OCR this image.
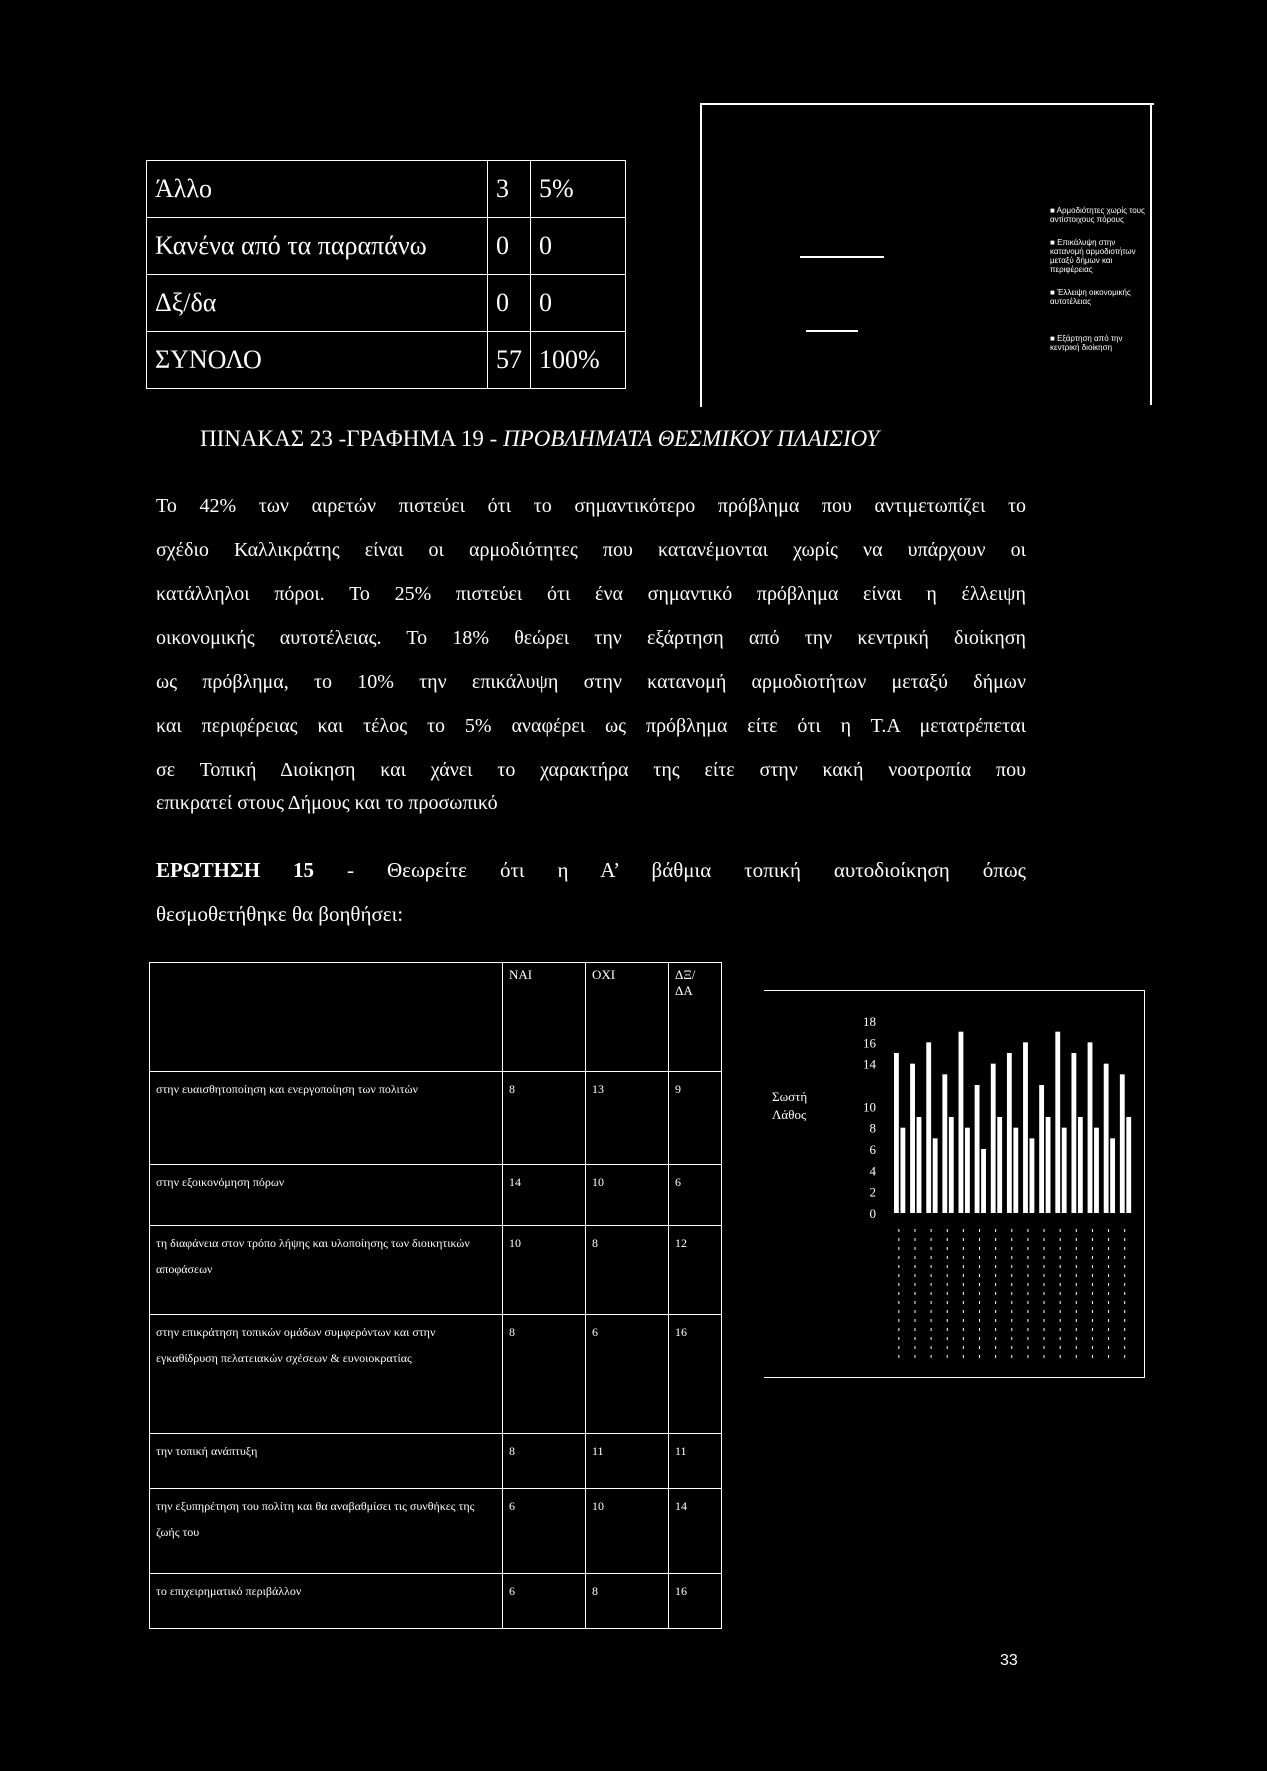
Άλλο	3	5%
Κανένα από τα παραπάνω	0	0
Δξ/δα	0	0
ΣΥΝΟΛΟ	57	100%
■ Αρμοδιότητες χωρίς τους αντίστοιχους πόρους
■ Επικάλυψη στην κατανομή αρμοδιοτήτων μεταξύ δήμων και περιφέρειας
■ Έλλειψη οικονομικής αυτοτέλειας
■ Εξάρτηση από την κεντρική διοίκηση
ΠΙΝΑΚΑΣ 23 -ΓΡΑΦΗΜΑ 19 - ΠΡΟΒΛΗΜΑΤΑ ΘΕΣΜΙΚΟΥ ΠΛΑΙΣΙΟΥ
Το 42% των αιρετών πιστεύει ότι το σημαντικότερο πρόβλημα που αντιμετωπίζει το
σχέδιο Καλλικράτης είναι οι αρμοδιότητες που κατανέμονται χωρίς να υπάρχουν οι
κατάλληλοι πόροι. Το 25% πιστεύει ότι ένα σημαντικό πρόβλημα είναι η έλλειψη
οικονομικής αυτοτέλειας. Το 18% θεώρει την εξάρτηση από την κεντρική διοίκηση
ως πρόβλημα, το 10% την επικάλυψη στην κατανομή αρμοδιοτήτων μεταξύ δήμων
και περιφέρειας και τέλος το 5% αναφέρει ως πρόβλημα είτε ότι η Τ.Α μετατρέπεται
σε Τοπική Διοίκηση και χάνει το χαρακτήρα της είτε στην κακή νοοτροπία που
επικρατεί στους Δήμους και το προσωπικό
ΕΡΩΤΗΣΗ 15 - Θεωρείτε ότι η Α’ βάθμια τοπική αυτοδιοίκηση όπως
θεσμοθετήθηκε θα βοηθήσει:
	ΝΑΙ	ΟΧΙ	ΔΞ/ ΔΑ
στην ευαισθητοποίηση και ενεργοποίηση των πολιτών	8	13	9
στην εξοικονόμηση πόρων	14	10	6
τη διαφάνεια στον τρόπο λήψης και υλοποίησης των διοικητικών αποφάσεων	10	8	12
στην επικράτηση τοπικών ομάδων συμφερόντων και στην εγκαθίδρυση πελατειακών σχέσεων & ευνοιοκρατίας	8	6	16
την τοπική ανάπτυξη	8	11	11
την εξυπηρέτηση του πολίτη και θα αναβαθμίσει τις συνθήκες της ζωής του	6	10	14
το επιχειρηματικό περιβάλλον	6	8	16
18
16
14
10
8
6
4
2
0
Σωστή
Λάθος
33
